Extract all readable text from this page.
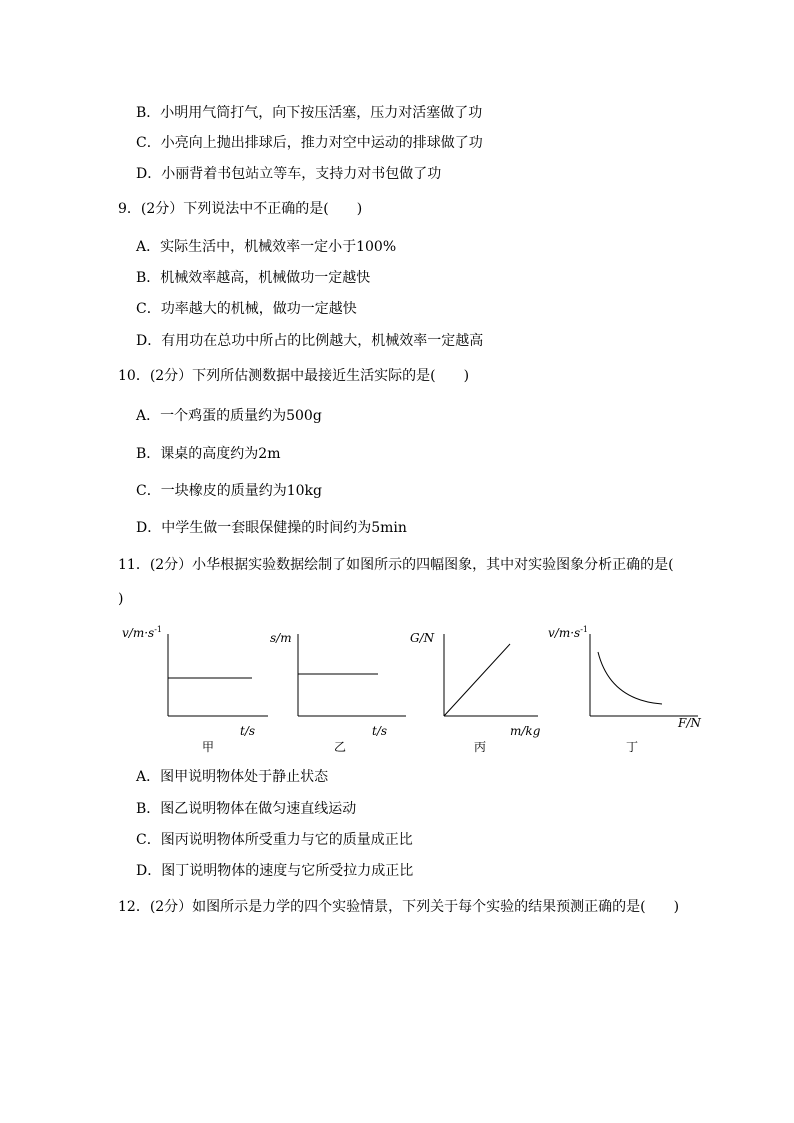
B．小明用气筒打气，向下按压活塞，压力对活塞做了功
C．小亮向上抛出排球后，推力对空中运动的排球做了功
D．小丽背着书包站立等车，支持力对书包做了功
9．(2分）下列说法中不正确的是(　　)
A．实际生活中，机械效率一定小于100%
B．机械效率越高，机械做功一定越快
C．功率越大的机械，做功一定越快
D．有用功在总功中所占的比例越大，机械效率一定越高
10．(2分）下列所估测数据中最接近生活实际的是(　　)
A．一个鸡蛋的质量约为500g
B．课桌的高度约为2m
C．一块橡皮的质量约为10kg
D．中学生做一套眼保健操的时间约为5min
11．(2分）小华根据实验数据绘制了如图所示的四幅图象，其中对实验图象分析正确的是(
)
$v/m\cdot s^{-1}$
t/s
甲
s/m
t/s
乙
G/N
m/kg
丙
$v/m\cdot s^{-1}$
F/N
丁
A．图甲说明物体处于静止状态
B．图乙说明物体在做匀速直线运动
C．图丙说明物体所受重力与它的质量成正比
D．图丁说明物体的速度与它所受拉力成正比
12．(2分）如图所示是力学的四个实验情景，下列关于每个实验的结果预测正确的是(　　)
